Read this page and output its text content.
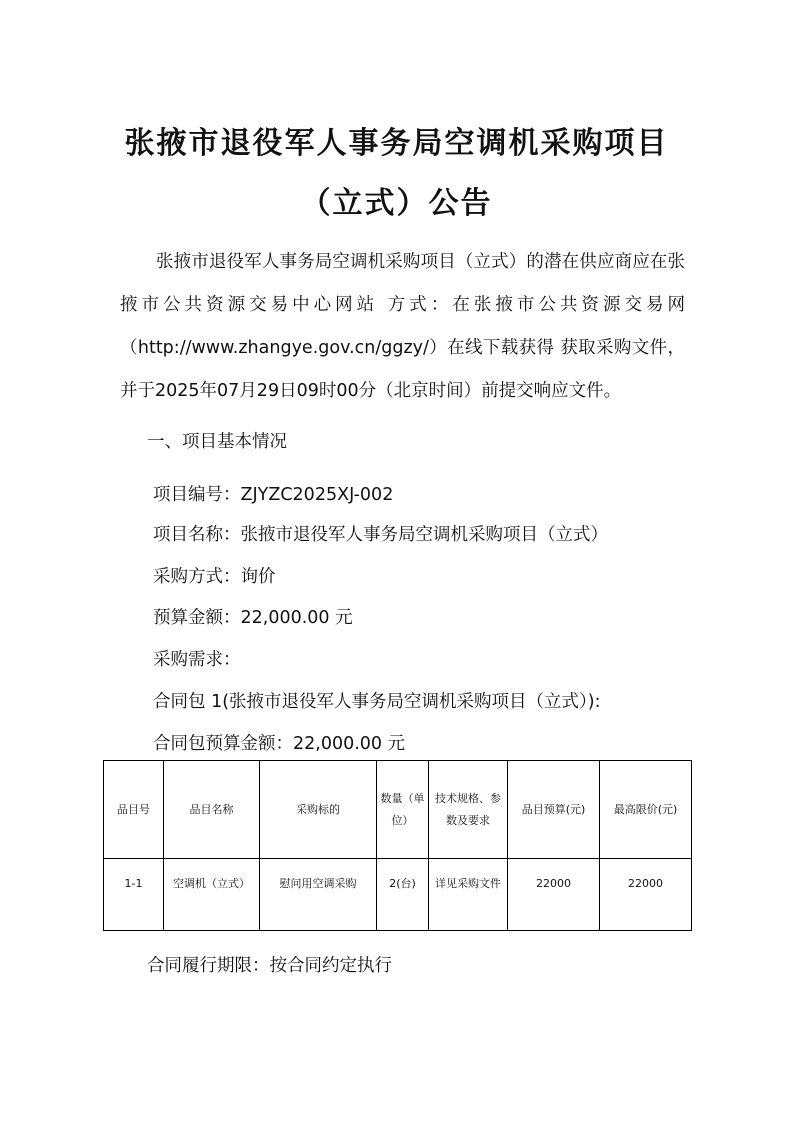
张掖市退役军人事务局空调机采购项目
（立式）公告

张掖市退役军人事务局空调机采购项目（立式）的潜在供应商应在张掖市公共资源交易中心网站 方式：在张掖市公共资源交易网（http://www.zhangye.gov.cn/ggzy/）在线下载获得 获取采购文件，并于2025年07月29日09时00分（北京时间）前提交响应文件。

一、项目基本情况

项目编号：ZJYZC2025XJ-002

项目名称：张掖市退役军人事务局空调机采购项目（立式）

采购方式：询价

预算金额：22,000.00 元

采购需求：

合同包 1(张掖市退役军人事务局空调机采购项目（立式）):

合同包预算金额：22,000.00 元

品目号	品目名称	采购标的	数量（单位）	技术规格、参数及要求	品目预算(元)	最高限价(元)
1-1	空调机（立式）	慰问用空调采购	2(台)	详见采购文件	22000	22000

合同履行期限：按合同约定执行
